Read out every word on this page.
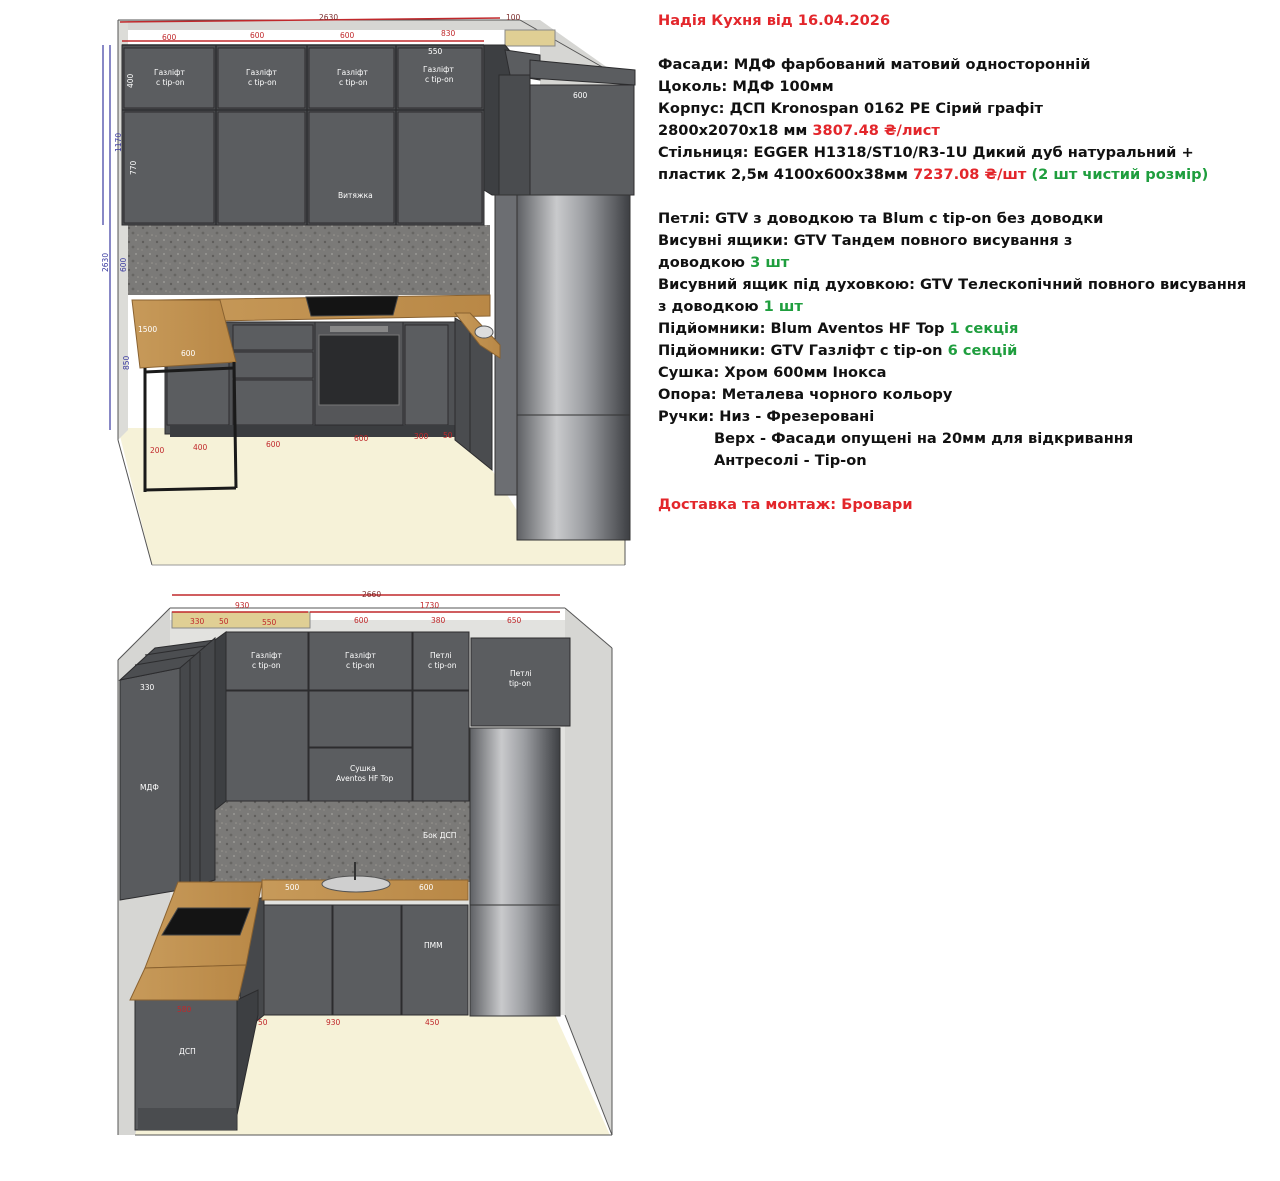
Газліфт
с tip-on
Газліфт
с tip-on
Газліфт
с tip-on
Газліфт
с tip-on
Витяжка
600
400
770
1500
600
550
2630	100
600	600	600	830
200	400	600
600	300 50
1170
2630 600
850
Газліфт
с tip-on
Газліфт
с tip-on
Петлі
с tip-on
Петлі
tip-on
Сушка
Aventos HF Top
МДФ
Бок ДСП
ПММ
ДСП
330
500	600
2660
930	1730
330 50	550	600	380	650
580
50	930	450
Надія Кухня від 16.04.2026
Фасади: МДФ фарбований матовий односторонній
Цоколь: МДФ 100мм
Корпус: ДСП Kronospan 0162 PE Сірий графіт
2800х2070х18 мм 3807.48 ₴/лист
Стільниця: EGGER H1318/ST10/R3-1U Дикий дуб натуральний +
пластик 2,5м 4100х600х38мм 7237.08 ₴/шт (2 шт чистий розмір)
Петлі: GTV з доводкою та Blum с tip-on без доводки
Висувні ящики: GTV Тандем повного висування з
доводкою 3 шт
Висувний ящик під духовкою: GTV Телескопічний повного висування
з доводкою 1 шт
Підйомники: Blum Aventos HF Top 1 секція
Підйомники: GTV Газліфт с tip-on 6 секцій
Сушка: Хром 600мм Інокса
Опора: Металева чорного кольору
Ручки: Низ - Фрезеровані
Верх - Фасади опущені на 20мм для відкривання
Антресолі - Tip-on
Доставка та монтаж: Бровари
